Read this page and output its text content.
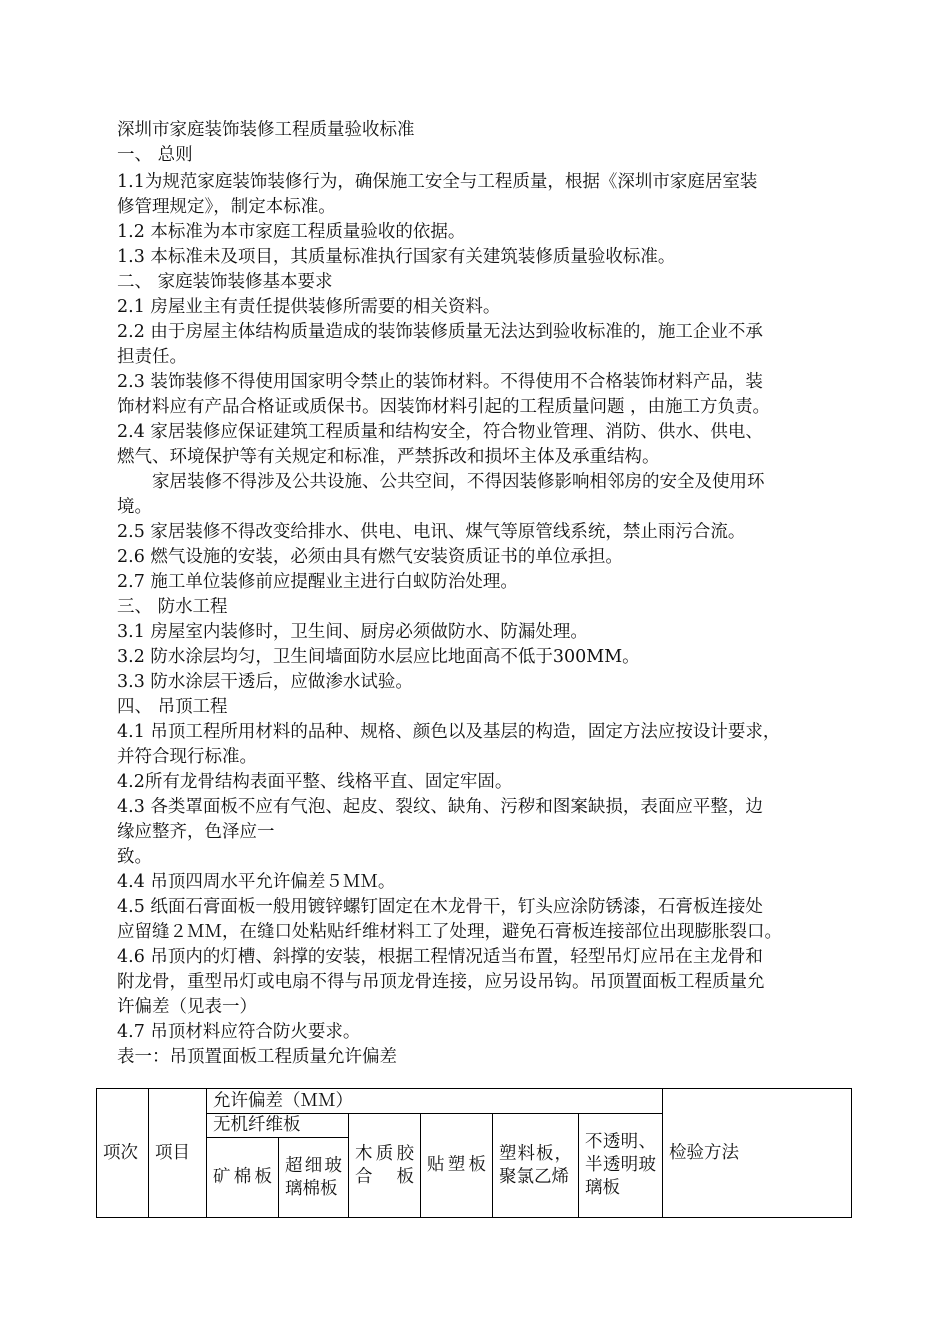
深圳市家庭装饰装修工程质量验收标准
一、 总则
1.1为规范家庭装饰装修行为，确保施工安全与工程质量，根据《深圳市家庭居室装
修管理规定》，制定本标准。
1.2 本标准为本市家庭工程质量验收的依据。
1.3 本标准未及项目，其质量标准执行国家有关建筑装修质量验收标准。
二、 家庭装饰装修基本要求
2.1 房屋业主有责任提供装修所需要的相关资料。
2.2 由于房屋主体结构质量造成的装饰装修质量无法达到验收标准的，施工企业不承
担责任。
2.3 装饰装修不得使用国家明令禁止的装饰材料。不得使用不合格装饰材料产品，装
饰材料应有产品合格证或质保书。因装饰材料引起的工程质量问题 ，由施工方负责。
2.4 家居装修应保证建筑工程质量和结构安全，符合物业管理、消防、供水、供电、
燃气、环境保护等有关规定和标准，严禁拆改和损坏主体及承重结构。
家居装修不得涉及公共设施、公共空间，不得因装修影响相邻房的安全及使用环
境。
2.5 家居装修不得改变给排水、供电、电讯、煤气等原管线系统，禁止雨污合流。
2.6 燃气设施的安装，必须由具有燃气安装资质证书的单位承担。
2.7 施工单位装修前应提醒业主进行白蚁防治处理。
三、 防水工程
3.1 房屋室内装修时，卫生间、厨房必须做防水、防漏处理。
3.2 防水涂层均匀，卫生间墙面防水层应比地面高不低于300MM。
3.3 防水涂层干透后，应做渗水试验。
四、 吊顶工程
4.1 吊顶工程所用材料的品种、规格、颜色以及基层的构造，固定方法应按设计要求，
并符合现行标准。
4.2所有龙骨结构表面平整、线格平直、固定牢固。
4.3 各类罩面板不应有气泡、起皮、裂纹、缺角、污秽和图案缺损，表面应平整，边
缘应整齐，色泽应一
致。
4.4 吊顶四周水平允许偏差５ＭＭ。
4.5 纸面石膏面板一般用镀锌螺钉固定在木龙骨干，钉头应涂防锈漆，石膏板连接处
应留缝２ＭＭ，在缝口处粘贴纤维材料工了处理，避免石膏板连接部位出现膨胀裂口。
4.6 吊顶内的灯槽、斜撑的安装，根据工程情况适当布置，轻型吊灯应吊在主龙骨和
附龙骨，重型吊灯或电扇不得与吊顶龙骨连接，应另设吊钩。吊顶置面板工程质量允
许偏差（见表一）
4.7 吊顶材料应符合防火要求。
表一：吊顶置面板工程质量允许偏差
项次	项目	允许偏差（ＭＭ）						检验方法
		无机纤维板		木质胶合板	贴塑板	塑料板，聚氯乙烯	不透明、半透明玻璃板	
		矿棉板	超细玻璃棉板					
